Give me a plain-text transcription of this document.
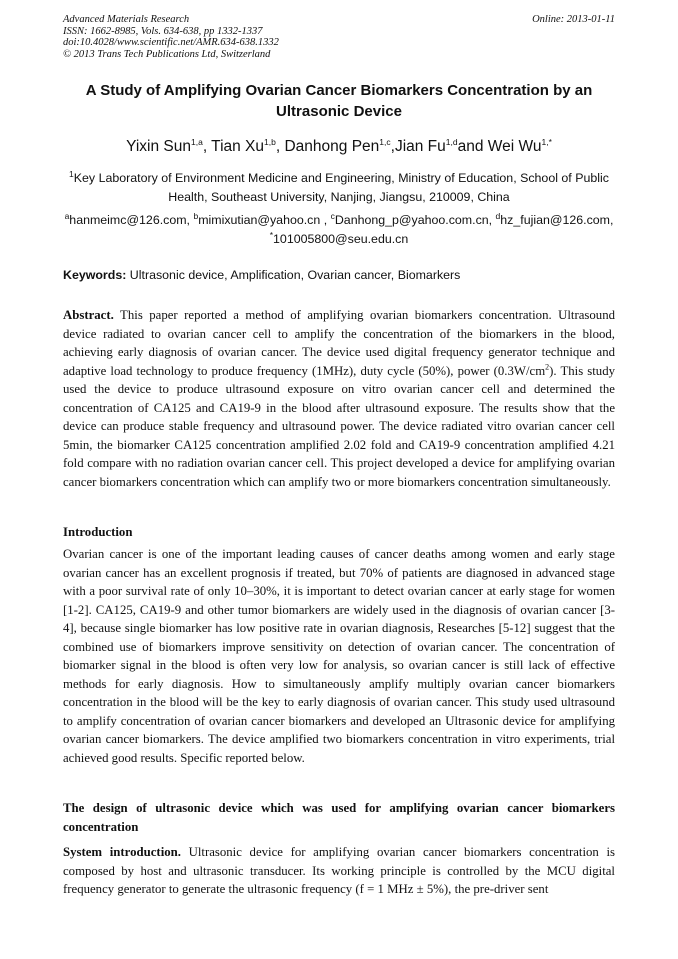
Advanced Materials Research
ISSN: 1662-8985, Vols. 634-638, pp 1332-1337
doi:10.4028/www.scientific.net/AMR.634-638.1332
© 2013 Trans Tech Publications Ltd, Switzerland
Online: 2013-01-11
A Study of Amplifying Ovarian Cancer Biomarkers Concentration by an
Ultrasonic Device
Yixin Sun$^{1,a}$, Tian Xu$^{1,b}$, Danhong Pen$^{1,c}$,Jian Fu$^{1,d}$and Wei $Wu^{1,*}$
$^1$Key Laboratory of Environment Medicine and Engineering, Ministry of Education, School of Public
Health, Southeast University, Nanjing, Jiangsu, 210009, China
$^a$hanmeimc@126.com, $^b$mimixutian@yahoo.cn , $^c$Danhong_p@yahoo.com.cn, $^d$hz_fujian@126.com,
*101005800@seu.edu.cn
Keywords: Ultrasonic device, Amplification, Ovarian cancer, Biomarkers
Abstract. This paper reported a method of amplifying ovarian biomarkers concentration. Ultrasound device radiated to ovarian cancer cell to amplify the concentration of the biomarkers in the blood, achieving early diagnosis of ovarian cancer. The device used digital frequency generator technique and adaptive load technology to produce frequency (1MHz), duty cycle (50%), power $(0.3W/cm^2)$. This study used the device to produce ultrasound exposure on vitro ovarian cancer cell and determined the concentration of CA125 and CA19-9 in the blood after ultrasound exposure. The results show that the device can produce stable frequency and ultrasound power. The device radiated vitro ovarian cancer cell 5min, the biomarker CA125 concentration amplified 2.02 fold and CA19-9 concentration amplified 4.21 fold compare with no radiation ovarian cancer cell. This project developed a device for amplifying ovarian cancer biomarkers concentration which can amplify two or more biomarkers concentration simultaneously.
Introduction
Ovarian cancer is one of the important leading causes of cancer deaths among women and early stage ovarian cancer has an excellent prognosis if treated, but 70% of patients are diagnosed in advanced stage with a poor survival rate of only 10–30%, it is important to detect ovarian cancer at early stage for women [1-2]. CA125, CA19-9 and other tumor biomarkers are widely used in the diagnosis of ovarian cancer [3-4], because single biomarker has low positive rate in ovarian diagnosis, Researches [5-12] suggest that the combined use of biomarkers improve sensitivity on detection of ovarian cancer. The concentration of biomarker signal in the blood is often very low for analysis, so ovarian cancer is still lack of effective methods for early diagnosis. How to simultaneously amplify multiply ovarian cancer biomarkers concentration in the blood will be the key to early diagnosis of ovarian cancer. This study used ultrasound to amplify concentration of ovarian cancer biomarkers and developed an Ultrasonic device for amplifying ovarian cancer biomarkers. The device amplified two biomarkers concentration in vitro experiments, trial achieved good results. Specific reported below.
The design of ultrasonic device which was used for amplifying ovarian cancer biomarkers concentration
System introduction. Ultrasonic device for amplifying ovarian cancer biomarkers concentration is composed by host and ultrasonic transducer. Its working principle is controlled by the MCU digital frequency generator to generate the ultrasonic frequency (f = 1 MHz ± 5%), the pre-driver sent
